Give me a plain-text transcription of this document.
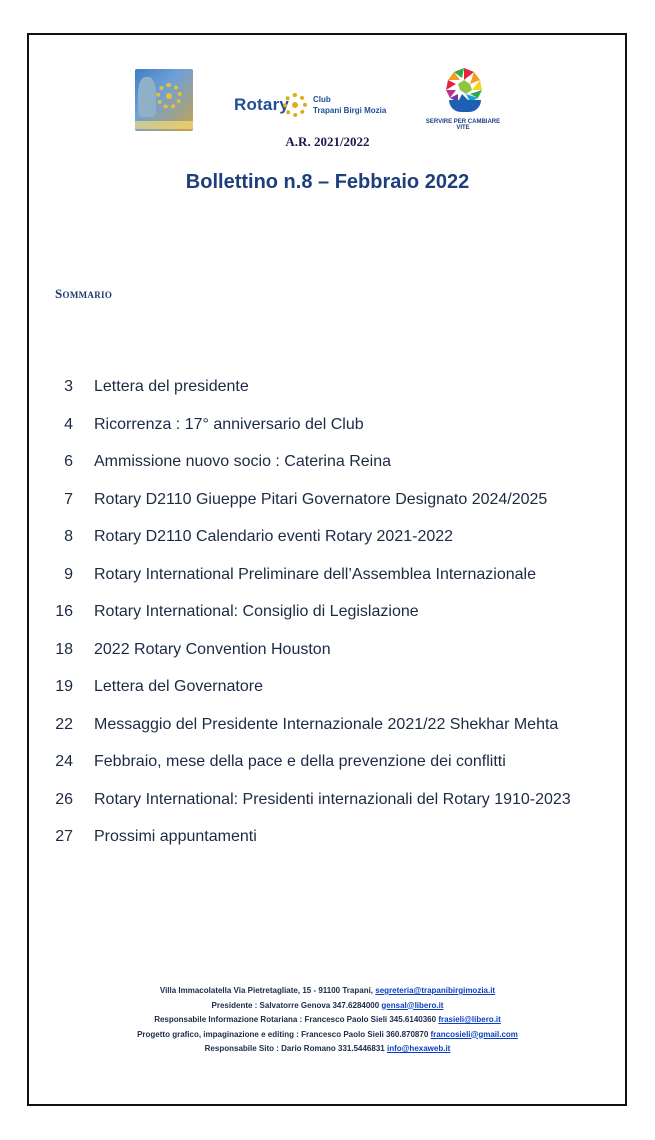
Rotary	Club
Trapani Birgi Mozia
SERVIRE PER CAMBIARE VITE
A.R. 2021/2022
Bollettino n.8 – Febbraio 2022
Sommario
3 Lettera del presidente
4 Ricorrenza : 17° anniversario del Club
6 Ammissione nuovo socio : Caterina Reina
7 Rotary D2110 Giueppe Pitari Governatore Designato 2024/2025
8 Rotary D2110 Calendario eventi Rotary 2021-2022
9 Rotary International Preliminare dell’Assemblea Internazionale
16 Rotary International: Consiglio di Legislazione
18 2022 Rotary Convention Houston
19 Lettera del Governatore
22 Messaggio del Presidente Internazionale 2021/22 Shekhar Mehta
24 Febbraio, mese della pace e della prevenzione dei conflitti
26 Rotary International: Presidenti internazionali del Rotary 1910-2023
27 Prossimi appuntamenti
Villa Immacolatella Via Pietretagliate, 15 - 91100 Trapani, segreteria@trapanibirgimozia.it
Presidente : Salvatorre Genova 347.6284000 gensal@libero.it
Responsabile Informazione Rotariana : Francesco Paolo Sieli 345.6140360 frasieli@libero.it
Progetto grafico, impaginazione e editing : Francesco Paolo Sieli 360.870870 francosieli@gmail.com
Responsabile Sito : Dario Romano 331.5446831 info@hexaweb.it
